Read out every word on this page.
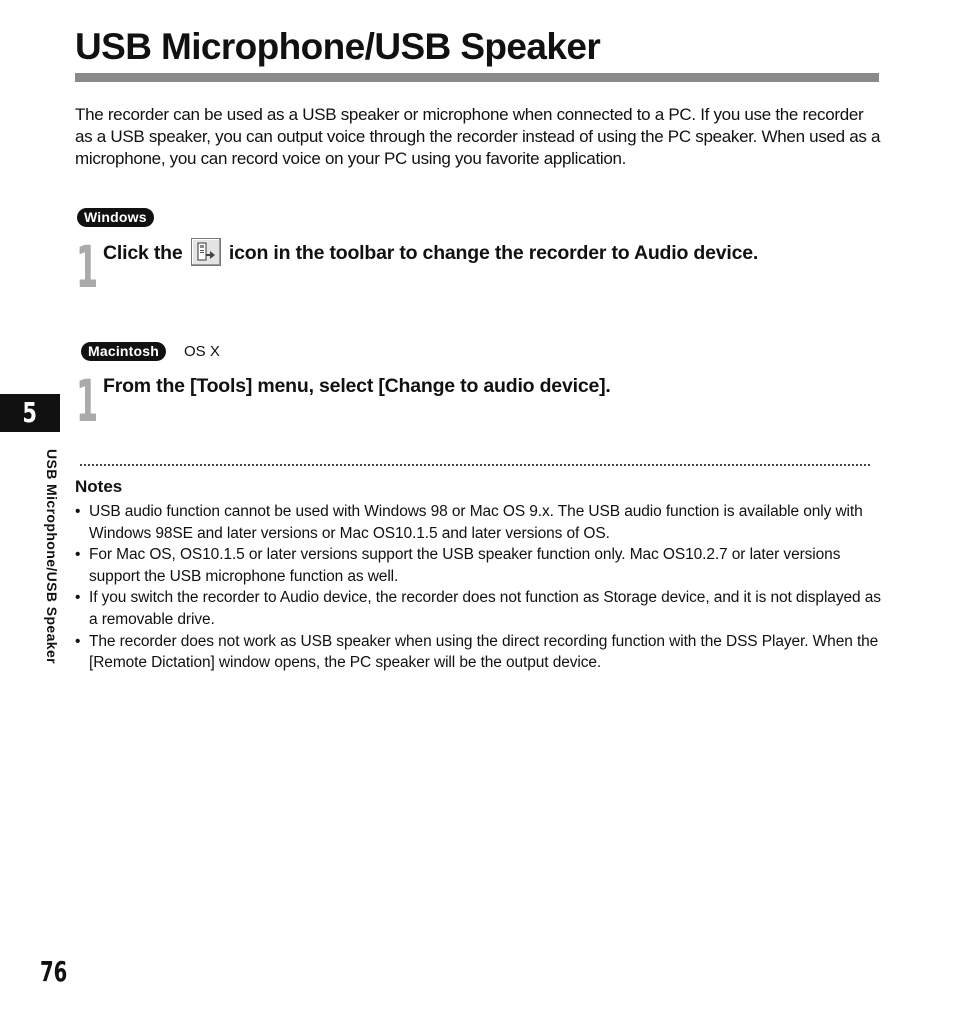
USB Microphone/USB Speaker

The recorder can be used as a USB speaker or microphone when connected to a PC. If you use the recorder as a USB speaker, you can output voice through the recorder instead of using the PC speaker. When used as a microphone, you can record voice on your PC using you favorite application.

Windows
1 Click the icon in the toolbar to change the recorder to Audio device.
Macintosh	OS X
1 From the [Tools] menu, select [Change to audio device].
Notes
• USB audio function cannot be used with Windows 98 or Mac OS 9.x. The USB audio function is available only with Windows 98SE and later versions or Mac OS10.1.5 and later versions of OS.
• For Mac OS, OS10.1.5 or later versions support the USB speaker function only. Mac OS10.2.7 or later versions support the USB microphone function as well.
• If you switch the recorder to Audio device, the recorder does not function as Storage device, and it is not displayed as a removable drive.
• The recorder does not work as USB speaker when using the direct recording function with the DSS Player. When the [Remote Dictation] window opens, the PC speaker will be the output device.
5
USB Microphone/USB Speaker
76
